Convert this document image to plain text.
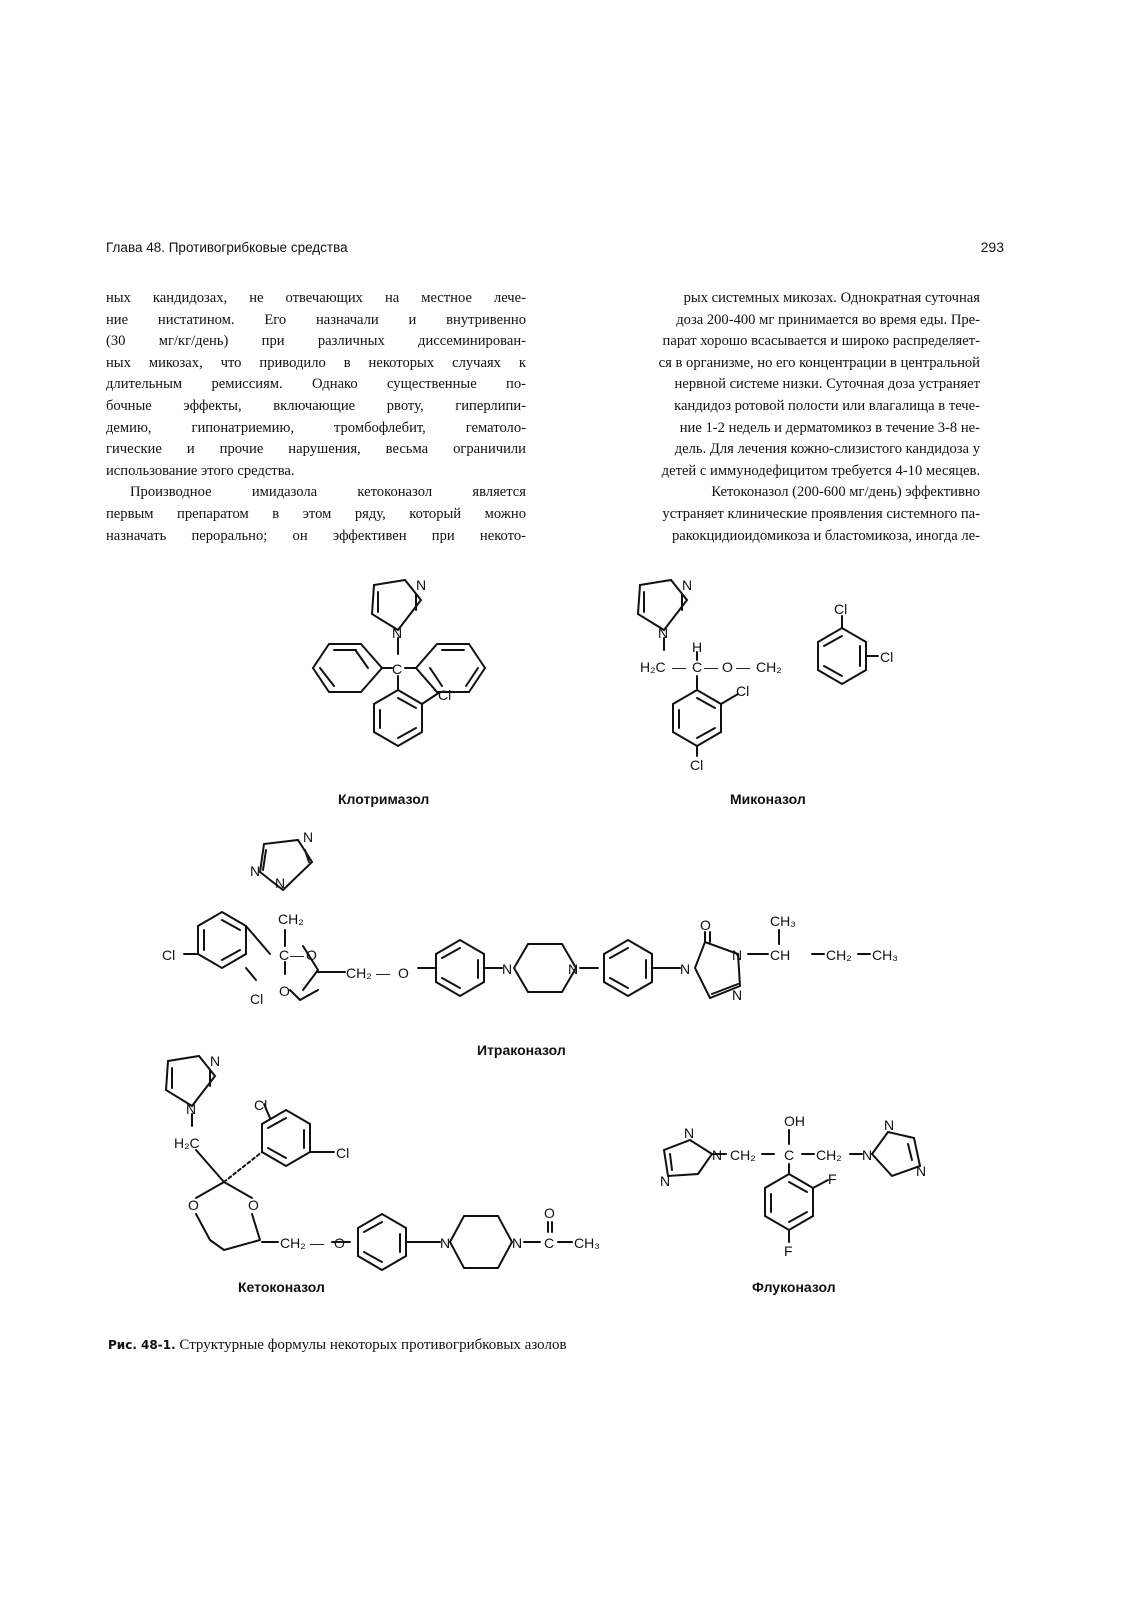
Глава 48. Противогрибковые средства	293
ных кандидозах, не отвечающих на местное лече-
ние нистатином. Его назначали и внутривенно
(30 мг/кг/день) при различных диссеминирован-
ных микозах, что приводило в некоторых случаях к
длительным ремиссиям. Однако существенные по-
бочные эффекты, включающие рвоту, гиперлипи-
демию, гипонатриемию, тромбофлебит, гематоло-
гические и прочие нарушения, весьма ограничили
использование этого средства.
Производное имидазола кетоконазол является
первым препаратом в этом ряду, который можно
назначать перорально; он эффективен при некото-
рых системных микозах. Однократная суточная
доза 200-400 мг принимается во время еды. Пре-
парат хорошо всасывается и широко распределяет-
ся в организме, но его концентрации в центральной
нервной системе низки. Суточная доза устраняет
кандидоз ротовой полости или влагалища в тече-
ние 1-2 недель и дерматомикоз в течение 3-8 не-
дель. Для лечения кожно-слизистого кандидоза у
детей с иммунодефицитом требуется 4-10 месяцев.
Кетоконазол (200-600 мг/день) эффективно
устраняет клинические проявления системного па-
ракокцидиоидомикоза и бластомикоза, иногда ле-
N
N
C
Cl
N
N
H
H₂C — C — O — CH₂
Cl
Cl
Cl
Cl
N
N
N
CH₂
Cl
Cl
C — O
O
CH₂ — O	N	N	N
O
N
N
CH₃
CH	CH₂ CH₃
N
N
H₂C
Cl
Cl
O	O
CH₂ — O	N	N
O
C CH₃
OH
N
N
N
CH₂ C CH₂ N
N
N
F
F
Клотримазол	Миконазол
Итраконазол
Кетоконазол	Флуконазол
Рис. 48-1. Структурные формулы некоторых противогрибковых азолов
